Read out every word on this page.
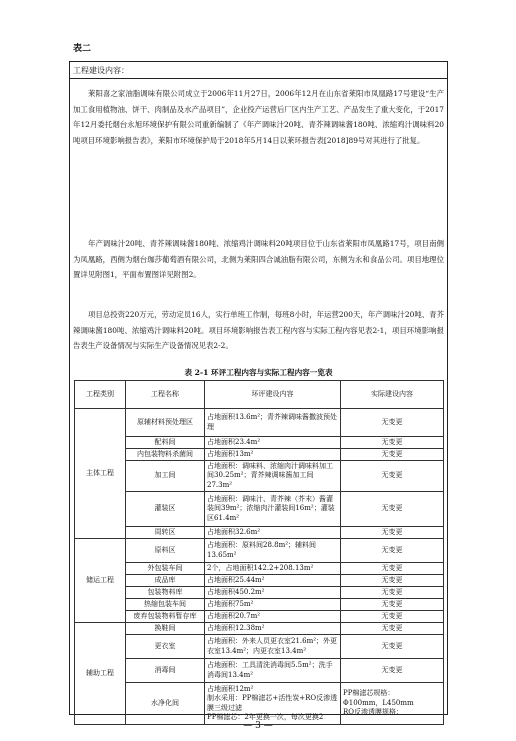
表二
工程建设内容：

莱阳喜之家油脂调味有限公司成立于2006年11月27日，2006年12月在山东省莱阳市凤凰路17号建设“生产加工食用植物油、饼干、肉制品及水产品项目”，企业投产运营后厂区内生产工艺、产品发生了重大变化，于2017年12月委托烟台永旭环境保护有限公司重新编制了《年产调味汁20吨、青芥辣调味酱180吨、浓缩鸡汁调味料20吨项目环境影响报告表》，莱阳市环境保护局于2018年5月14日以莱环报告表[2018]89号对其进行了批复。

年产调味汁20吨、青芥辣调味酱180吨、浓缩鸡汁调味料20吨项目位于山东省莱阳市凤凰路17号，项目南侧为凤凰路，西侧为烟台珈莎葡萄酒有限公司，北侧为莱阳四合诚油脂有限公司，东侧为永和食品公司。项目地理位置详见附图1，平面布置图详见附图2。

项目总投资220万元，劳动定员16人，实行单班工作制，每班8小时，年运营200天，年产调味汁20吨、青芥辣调味酱180吨、浓缩鸡汁调味料20吨。项目环境影响报告表工程内容与实际工程内容见表2-1，项目环境影响报告表生产设备情况与实际生产设备情况见表2-2。

表 2-1 环评工程内容与实际工程内容一览表
工程类别	工程名称	环评建设内容	实际建设内容
主体工程	原辅材料预处理区	占地面积13.6m²；青芥辣调味酱撒波预处理	无变更
	配料间	占地面积23.4m²	无变更
	内包装物料杀菌间	占地面积13m²	无变更
	加工间	占地面积：调味料、浓缩肉汁调味料加工间30.25m²；青芥辣调味酱加工间27.3m²	无变更
	灌装区	占地面积：调味汁、青芥辣（芥末）酱灌装间39m²；浓缩肉汁灌装间16m²；灌装区61.4m²	无变更
	周转区	占地面积32.6m²	无变更
储运工程	原料区	占地面积：原料间28.8m²；辅料间13.65m²	无变更
	外包装车间	2个，占地面积142.2+208.13m²	无变更
	成品库	占地面积25.44m²	无变更
	包装物料库	占地面积450.2m²	无变更
	热缩包装车间	占地面积75m²	无变更
	废弃包装物料暂存库	占地面积20.7m²	无变更
辅助工程	换鞋间	占地面积12.38m²	无变更
	更衣室	占地面积：外来人员更衣室21.6m²；外更衣室13.4m²；内更衣室13.4m²	无变更
	消毒间	占地面积：工具清洗消毒间5.5m²；洗手消毒间13.4m²	无变更
	水净化间	占地面积12m²
制水采用：PP棉滤芯+活性炭+RO反渗透膜三级过滤
PP棉滤芯：2年更换一次，每次更换2	PP棉滤芯规格：
Φ100mm，L450mm
RO反渗透膜规格：
— 3 —
